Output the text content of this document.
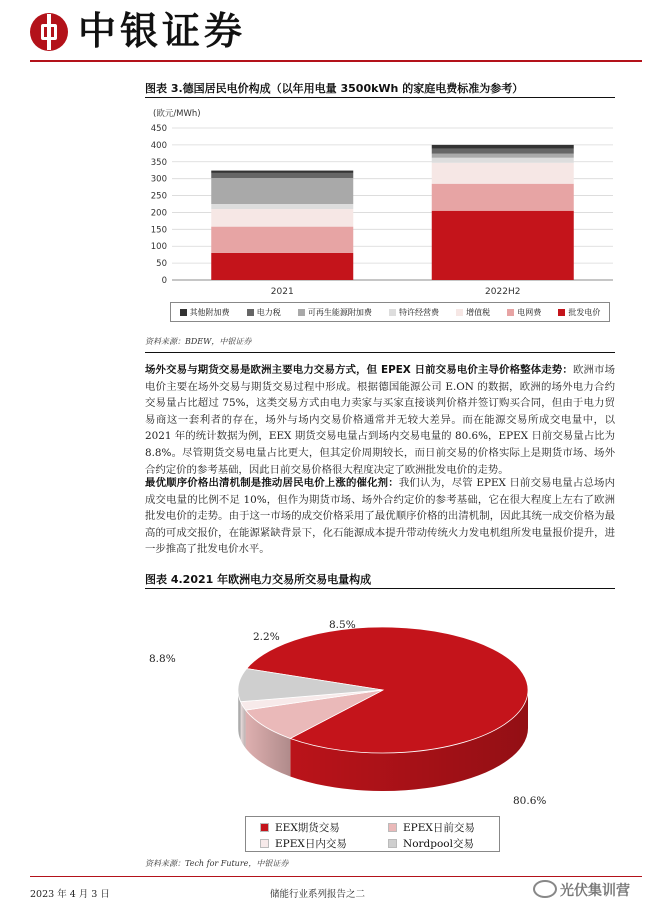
中银证券
图表 3.德国居民电价构成（以年用电量 3500kWh 的家庭电费标准为参考）
(欧元/MWh)
0
50
100
150
200
250
300
350
400
450
2021	2022H2
其他附加费	电力税	可再生能源附加费	特许经营费	增值税	电网费	批发电价
资料来源：BDEW，中银证券
场外交易与期货交易是欧洲主要电力交易方式，但 EPEX 日前交易电价主导价格整体走势：欧洲市场电价主要在场外交易与期货交易过程中形成。根据德国能源公司 E.ON 的数据，欧洲的场外电力合约交易量占比超过 75%，这类交易方式由电力卖家与买家直接谈判价格并签订购买合同，但由于电力贸易商这一套利者的存在，场外与场内交易价格通常并无较大差异。而在能源交易所成交电量中，以 2021 年的统计数据为例，EEX 期货交易电量占到场内交易电量的 80.6%，EPEX 日前交易量占比为 8.8%。尽管期货交易电量占比更大，但其定价周期较长，而日前交易的价格实际上是期货市场、场外合约定价的参考基础，因此日前交易价格很大程度决定了欧洲批发电价的走势。
最优顺序价格出清机制是推动居民电价上涨的催化剂：我们认为，尽管 EPEX 日前交易电量占总场内成交电量的比例不足 10%，但作为期货市场、场外合约定价的参考基础，它在很大程度上左右了欧洲批发电价的走势。由于这一市场的成交价格采用了最优顺序价格的出清机制，因此其统一成交价格为最高的可成交报价，在能源紧缺背景下，化石能源成本提升带动传统火力发电机组所发电量报价提升，进一步推高了批发电价水平。
图表 4.2021 年欧洲电力交易所交易电量构成
80.6%
8.8%
2.2%
8.5%
EEX期货交易	EPEX日前交易
EPEX日内交易	Nordpool交易
资料来源：Tech for Future，中银证券
2023 年 4 月 3 日	储能行业系列报告之二	光伏集训营
